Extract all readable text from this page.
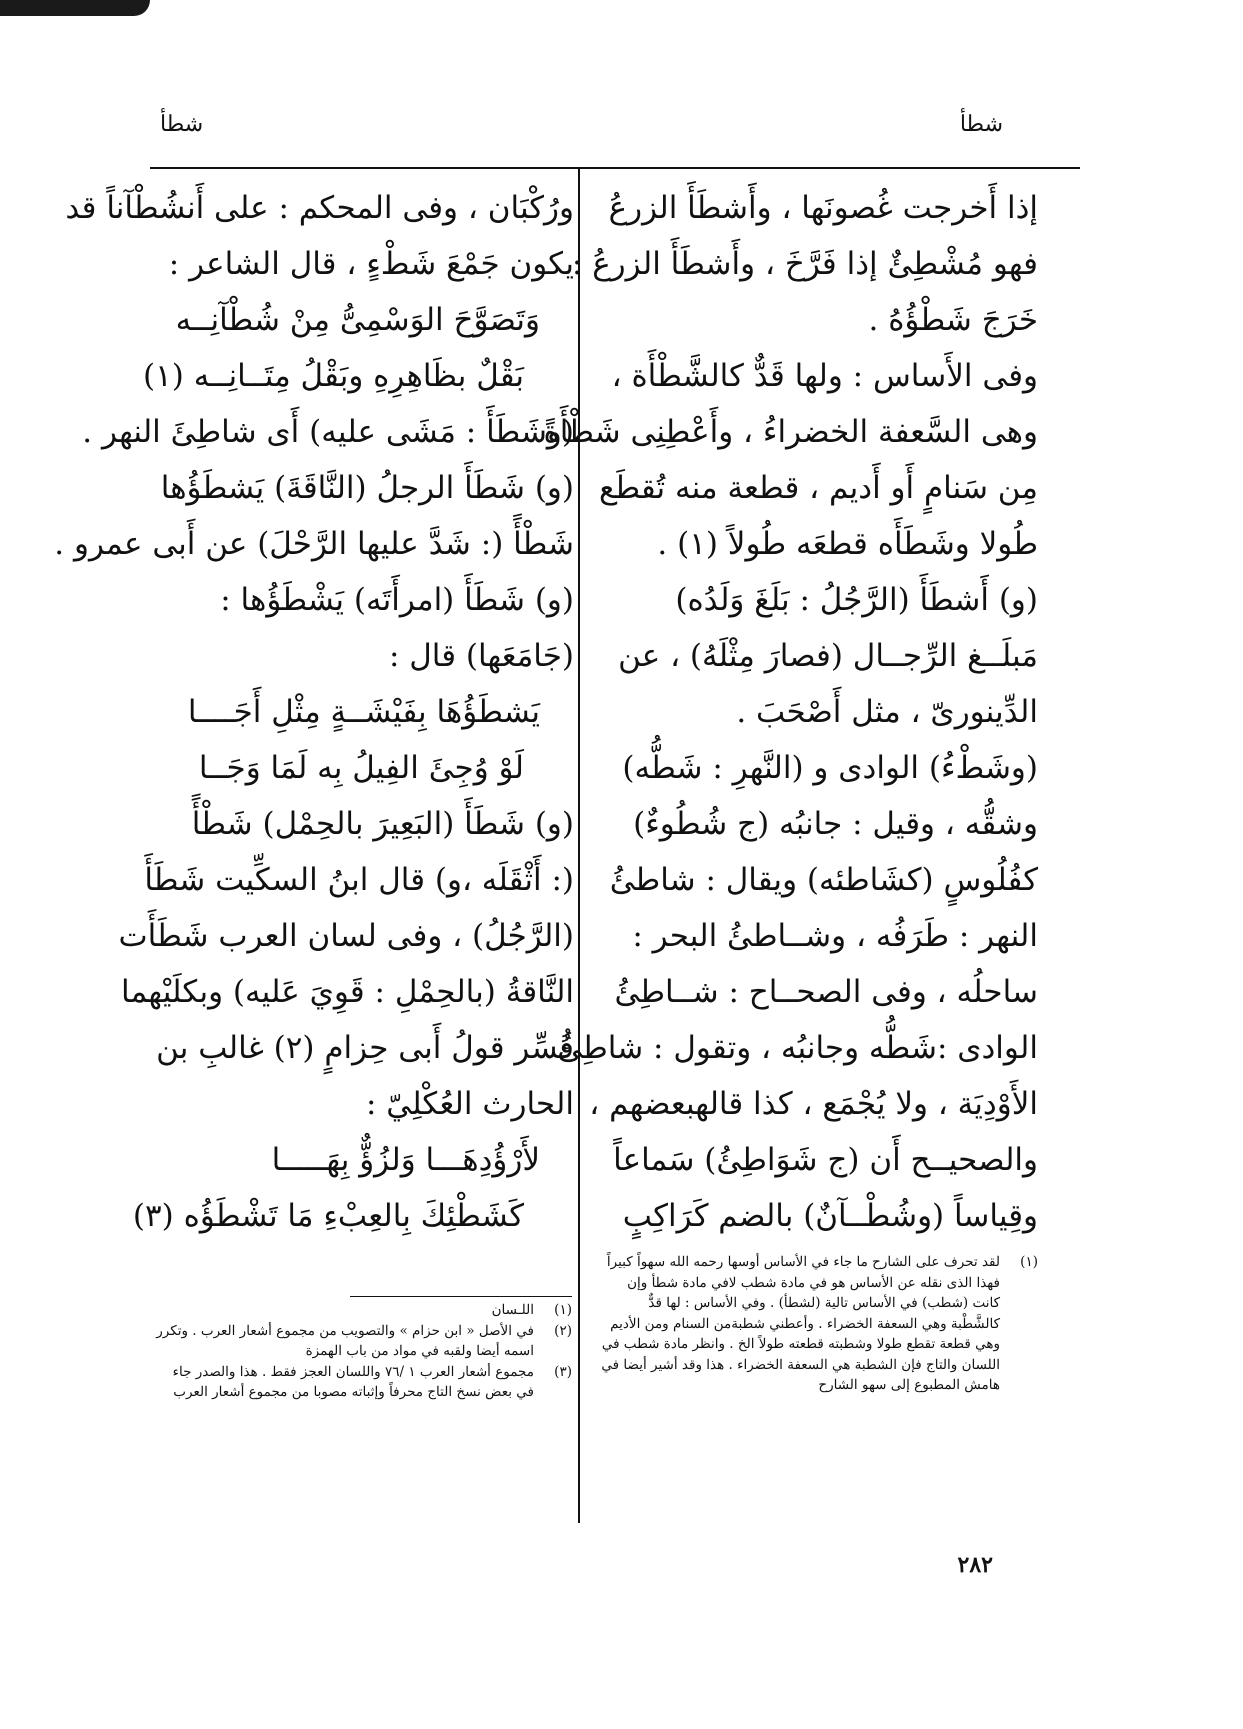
شطأ
شطأ
إذا أَخرجت غُصونَها ، وأَشطَأَ الزرعُ
فهو مُشْطِئٌ إذا فَرَّخَ ، وأَشطَأَ الزرعُ :
خَرَجَ شَطْؤُهُ .
وفى الأَساس : ولها قَدٌّ كالشَّطْأَة ،
وهى السَّعفة الخضراءُ ، وأَعْطِنِى شَطْأَةً
مِن سَنامٍ أَو أَديم ، قطعة منه تُقطَع
طُولا وشَطَأَه قطعَه طُولاً (١) .
(و) أَشطَأَ (الرَّجُلُ : بَلَغَ وَلَدُه)
مَبلَــغ الرِّجــال (فصارَ مِثْلَهُ) ، عن
الدِّينورىّ ، مثل أَصْحَبَ .
(وشَطْءُ) الوادى و (النَّهرِ : شَطُّه)
وشقُّه ، وقيل : جانبُه (ج شُطُوءٌ)
كفُلُوسٍ (كشَاطئه) ويقال : شاطئُ
النهر : طَرَفُه ، وشــاطئُ البحر :
ساحلُه ، وفى الصحــاح : شــاطِئُ
الوادى :شَطُّه وجانبُه ، وتقول : شاطِئُ
الأَوْدِيَة ، ولا يُجْمَع ، كذا قالهبعضهم ،
والصحيــح أَن (ج شَوَاطِئُ) سَماعاً
وقِياساً (وشُطْــآنٌ) بالضم كَرَاكِبٍ
ورُكْبَان ، وفى المحكم : على أَنشُطْآناً قد
يكون جَمْعَ شَطْءٍ ، قال الشاعر :
وَتَصَوَّحَ الوَسْمِىُّ مِنْ شُطْآنِــه
بَقْلٌ بظَاهِرِهِ وبَقْلُ مِتَــانِــه (١)
(وشَطَأَ : مَشَى عليه) أَى شاطِئَ النهر .
(و) شَطَأَ الرجلُ (النَّاقَةَ) يَشطَؤُها
شَطْأً (: شَدَّ عليها الرَّحْلَ) عن أَبى عمرو .
(و) شَطَأَ (امرأَتَه) يَشْطَؤُها :
(جَامَعَها) قال :
يَشطَؤُهَا بِفَيْشَــةٍ مِثْلِ أَجَــــا
لَوْ وُجِئَ الفِيلُ بِه لَمَا وَجَــا
(و) شَطَأَ (البَعِيرَ بالحِمْل) شَطْأً
(: أَثْقَلَه ،و) قال ابنُ السكِّيت شَطَأَ
(الرَّجُلُ) ، وفى لسان العرب شَطَأَت
النَّاقةُ (بالحِمْلِ : قَوِيَ عَليه) وبكلَيْهما
فُسِّر قولُ أَبى حِزامٍ (٢) غالبِ بن
الحارث العُكْلِيّ :
لأَرْؤُدِهَـــا وَلزُؤٌّ بِهَـــــا
كَشَطْئِكَ بِالعِبْءِ مَا تَشْطَؤُه (٣)
(١)
اللـسان
(٢)
في الأصل « ابن حزام » والتصويب من مجموع أشعار العرب . وتكرر اسمه أيضا ولقبه في مواد من باب الهمزة
(٣)
مجموع أشعار العرب ١ /٧٦ واللسان العجز فقط . هذا والصدر جاء في بعض نسخ التاج محرفاً وإثباته مصوبا من مجموع أشعار العرب
(١)
لقد تحرف على الشارح ما جاء في الأساس أوسها رحمه الله سهواً كبيراً فهذا الذى نقله عن الأساس هو في مادة شطب لافي مادة شطأ وإن كانت (شطب) في الأساس تالية (لشطأ) . وفي الأساس : لها قدٌّ كالشَّطْبة وهي السعفة الخضراء . وأعطني شطبةمن السنام ومن الأديم وهي قطعة تقطع طولا وشطبته قطعته طولاً الخ . وانظر مادة شطب في اللسان والتاج فإن الشطبة هي السعفة الخضراء . هذا وقد أشير أيضا في هامش المطبوع إلى سهو الشارح
٢٨٢
